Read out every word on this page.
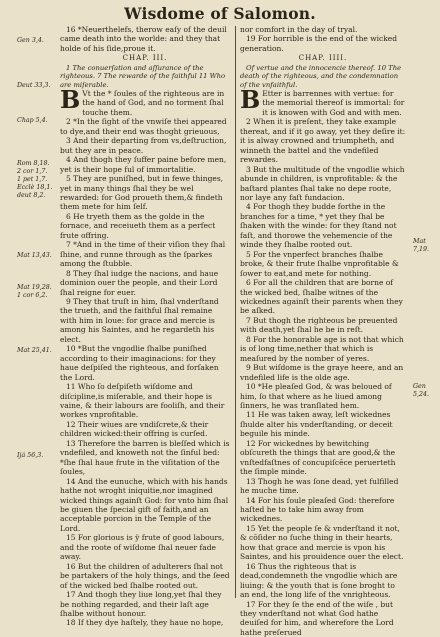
Wisdome of Salomon.
Gen 3,4.
Deut 33,3.
Chap 5,4.
Rom 8,18.
2 cor 1,7.
1 pet 1,7.
Ecclè 18,1.
deut 8,2.
Mat 13,43.
Mat 19,28.
1 cor 6,2.
Mat 25,41.
Ijá 56,3.
Mat 7,19.
Gen 5,24.

16 *Neuerthelefs, therow eaſy of the deuil came death into the worlde: and they that holde of his ſide,proue it.

CHAP. III.

1 The conuerſation and aſſurance of the righteous. 7 The rewarde of the faithful 11 Who are miſerable.

B Vt the * ſoules of the righteous are in the hand of God, and no torment ſhal touche them.

2 *In the ſight of the vnwiſe thei appeared to dye,and their end was thoght grieuous,

3 And their departing from vs,deſtruction, but they are in peace.

4 And thogh they ſuffer paine before men, yet is their hope ful of immortalitie.

5 They are puniſhed, but in fewe thinges, yet in many things ſhal they be wel rewarded: for God proueth them,& findeth them mete for him ſelf.

6 He tryeth them as the golde in the fornace, and receiueth them as a perfect frute offring.

7 *And in the time of their viſion they ſhal ſhine, and runne through as the ſparkes among the ſtubble.

8 They ſhal iudge the nacions, and haue dominion ouer the people, and their Lord ſhal reigne for euer.

9 They that truſt in him, ſhal vnderſtand the trueth, and the faithful ſhal remaine with him in loue: for grace and mercie is among his Saintes, and he regardeth his elect.

10 *But the vngodlie ſhalbe puniſhed according to their imaginacions: for they haue deſpiſed the righteous, and forſaken the Lord.

11 Who ſo deſpiſeth wiſdome and diſcipline,is miſerable, and their hope is vaine, & their labours are fooliſh, and their workes vnprofitable.

12 Their wiues are vndiſcrete,& their children wicked:their offring is curſed.

13 Therefore the barren is bleſſed which is vndefiled, and knoweth not the ſinful bed: *ſhe ſhal haue frute in the viſitation of the ſoules,

14 And the eunuche, which with his hands hathe not wroght iniquitie,nor imagined wicked things againſt God: for vnto him ſhal be giuen the ſpecial gift of faith,and an acceptable porcion in the Temple of the Lord.

15 For glorious is ÿ frute of good labours, and the roote of wiſdome ſhal neuer fade away.

16 But the children of adulterers ſhal not be partakers of the holy things, and the ſeed of the wicked bed ſhalbe rooted out.

17 And thogh they liue long,yet ſhal they be nothing regarded, and their laſt age ſhalbe without honour.

18 If they dye haſtely, they haue no hope,

nor comfort in the day of tryal.

19 For horrible is the end of the wicked generation.

CHAP. IIII.

Of vertue and the innocencie thereof. 10 The death of the righteous, and the condemnation of the vnfaithful.

B Etter is barrennes with vertue: for the memorial thereof is immortal: for it is knowen with God and with men.

2 When it is preſent, they take example thereat, and if it go away, yet they deſire it: it is alway crowned and triumpheth, and winneth the battel and the vndefiled rewardes.

3 But the multitude of the vngodlie which abunde in children, is vnprofitable: & the baſtard plantes ſhal take no depe roote, nor laye any faſt fundacion.

4 For thogh they budde forthe in the branches for a time, * yet they ſhal be ſhaken with the winde: for they ſtand not faſt, and thorowe the vehemencie of the winde they ſhalbe rooted out.

5 For the vnperfect branches ſhalbe broke, & their frute ſhalbe vnprofitable & ſower to eat,and mete for nothing.

6 For all the children that are borne of the wicked bed, ſhalbe witnes of the wickednes againſt their parents when they be aſked.

7 But thogh the righteous be preuented with death,yet ſhal he be in reſt.

8 For the honorable age is not that which is of long time,nether that which is meaſured by the nomber of yeres.

9 But wiſdome is the graye heere, and an vndefiled life is the olde age.

10 *He pleaſed God, & was beloued of him, ſo that where as he liued among ſinners, he was tranſlated hem.

11 He was taken away, leſt wickednes ſhulde alter his vnderſtanding, or deceit beguile his minde.

12 For wickednes by bewitching obſcureth the things that are good,& the vnſtedfaſtnes of concupiſcēce peruerteth the ſimple minde.

13 Thogh he was ſone dead, yet fulfilled he muche time.

14 For his ſoule pleaſed God: therefore haſted he to take him away from wickednes.

15 Yet the people ſe & vnderſtand it not, & cōſider no ſuche thing in their hearts, how that grace and mercie is vpon his Saintes, and his prouidence ouer the elect.

16 Thus the righteous that is dead,condemneth the vngodlie which are liuing: & the youth that is ſone broght to an end, the long life of the vnrighteous.

17 For they ſe the end of the wiſe , but they vnderſtand not what God hathe deuiſed for him, and wherefore the Lord hathe preſerued
